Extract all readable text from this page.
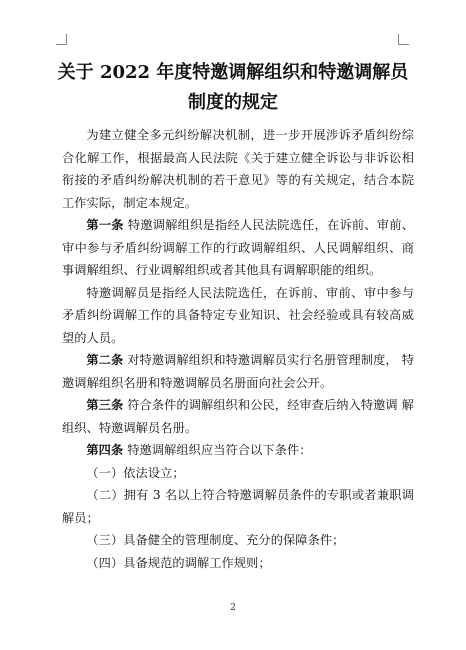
关于 2022 年度特邀调解组织和特邀调解员
制度的规定

为建立健全多元纠纷解决机制，进一步开展涉诉矛盾纠纷综 合化解工作，根据最高人民法院《关于建立健全诉讼与非诉讼相衔接的矛盾纠纷解决机制的若干意见》等的有关规定，结合本院 工作实际，制定本规定。

第一条 特邀调解组织是指经人民法院选任，在诉前、审前、 审中参与矛盾纠纷调解工作的行政调解组织、人民调解组织、商 事调解组织、行业调解组织或者其他具有调解职能的组织。

特邀调解员是指经人民法院选任，在诉前、审前、审中参与 矛盾纠纷调解工作的具备特定专业知识、社会经验或具有较高威 望的人员。

第二条 对特邀调解组织和特邀调解员实行名册管理制度， 特邀调解组织名册和特邀调解员名册面向社会公开。

第三条 符合条件的调解组织和公民，经审查后纳入特邀调 解组织、特邀调解员名册。

第四条 特邀调解组织应当符合以下条件：

（一）依法设立；

（二）拥有 3 名以上符合特邀调解员条件的专职或者兼职调解员；

（三）具备健全的管理制度、充分的保障条件；

（四）具备规范的调解工作规则；

2
